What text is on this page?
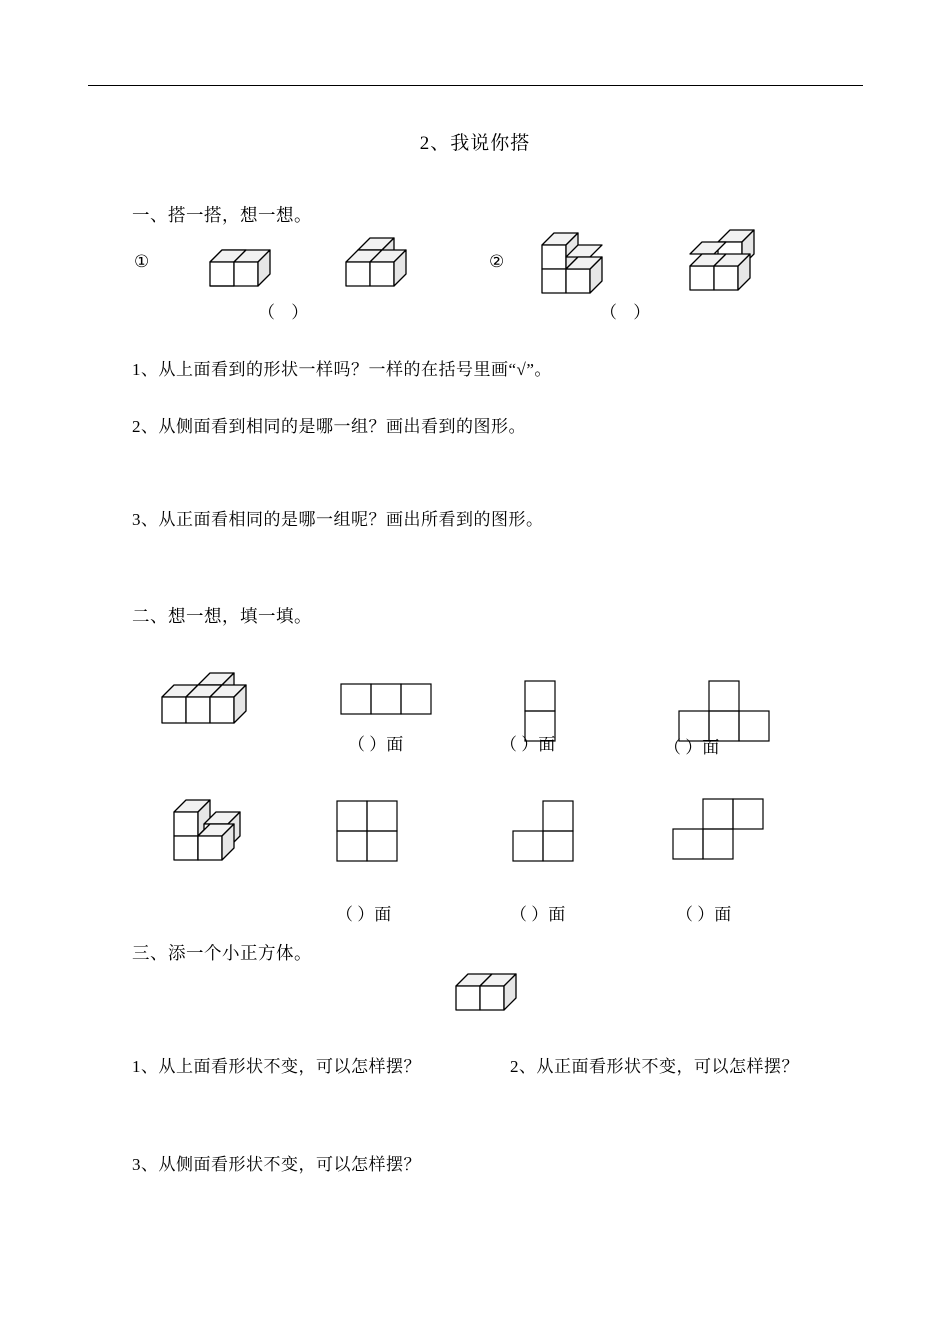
2、我说你搭
一、搭一搭，想一想。
①
（ ）
②
（ ）
1、从上面看到的形状一样吗？一样的在括号里画“√”。
2、从侧面看到相同的是哪一组？画出看到的图形。
3、从正面看相同的是哪一组呢？画出所看到的图形。
二、想一想，填一填。
（ ）面	（ ）面	（ ）面
（ ）面	（ ）面	（ ）面
三、添一个小正方体。
1、从上面看形状不变，可以怎样摆？	2、从正面看形状不变，可以怎样摆？
3、从侧面看形状不变，可以怎样摆？
